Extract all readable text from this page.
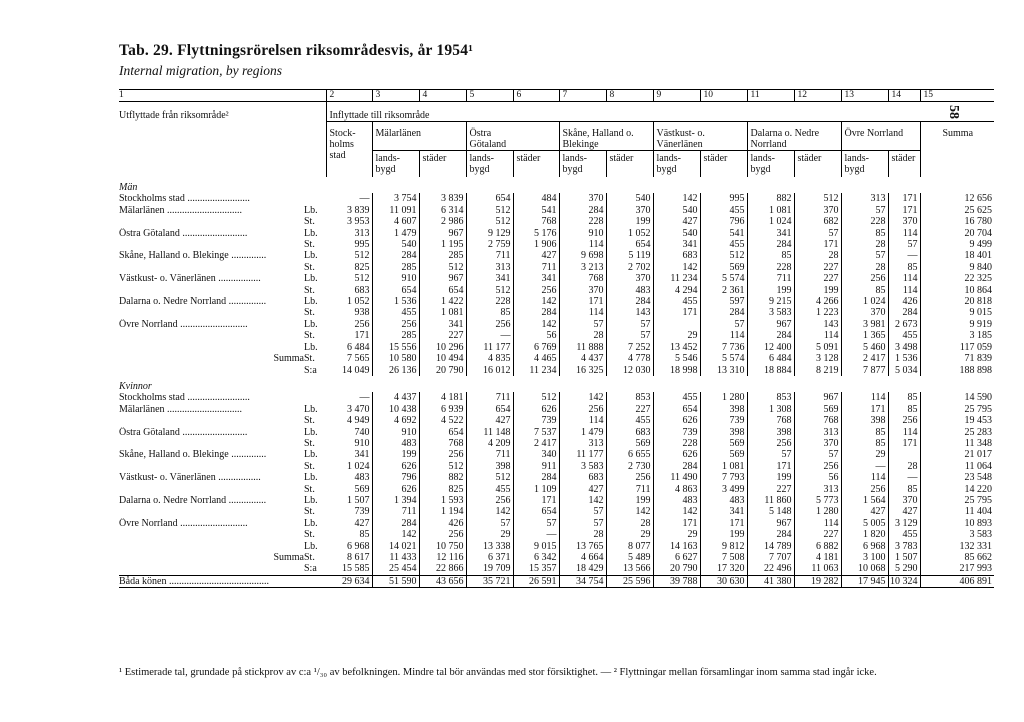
Tab. 29. Flyttningsrörelsen riksområdesvis, år 1954¹
Internal migration, by regions
58
1	2	3	4	5	6	7	8	9	10	11	12	13	14	15

Utflyttade från riksområde²	Inflyttade till riksområde													

	Stock-holms stad	Mälarlänen		Östra Götaland		Skåne, Halland o. Blekinge		Västkust- o. Vänerlänen		Dalarna o. Nedre Norrland		Övre Norrland		Summa

		lands-bygd	städer	lands-bygd	städer	lands-bygd	städer	lands-bygd	städer	lands-bygd	städer	lands-bygd	städer	
Män														
Stockholms stad .........................	—	3 754	3 839	654	484	370	540	142	995	882	512	313	171	12 656
Mälarlänen .............................. Lb.	3 839	11 091	6 314	512	541	284	370	540	455	1 081	370	57	171	25 625

St.	3 953	4 607	2 986	512	768	228	199	427	796	1 024	682	228	370	16 780
Östra Götaland .......................... Lb.	313	1 479	967	9 129	5 176	910	1 052	540	541	341	57	85	114	20 704

St.	995	540	1 195	2 759	1 906	114	654	341	455	284	171	28	57	9 499
Skåne, Halland o. Blekinge .............. Lb.	512	284	285	711	427	9 698	5 119	683	512	85	28	57	—	18 401

St.	825	285	512	313	711	3 213	2 702	142	569	228	227	28	85	9 840
Västkust- o. Vänerlänen ................. Lb.	512	910	967	341	341	768	370	11 234	5 574	711	227	256	114	22 325

St.	683	654	654	512	256	370	483	4 294	2 361	199	199	85	114	10 864
Dalarna o. Nedre Norrland ............... Lb.	1 052	1 536	1 422	228	142	171	284	455	597	9 215	4 266	1 024	426	20 818

St.	938	455	1 081	85	284	114	143	171	284	3 583	1 223	370	284	9 015
Övre Norrland ........................... Lb.	256	256	341	256	142	57	57		57	967	143	3 981	2 673	9 919

St.	171	285	227	—	56	28	57	29	114	284	114	1 365	455	3 185

Lb.	6 484	15 556	10 296	11 177	6 769	11 888	7 252	13 452	7 736	12 400	5 091	5 460	3 498	117 059
Summa St.	7 565	10 580	10 494	4 835	4 465	4 437	4 778	5 546	5 574	6 484	3 128	2 417	1 536	71 839

S:a	14 049	26 136	20 790	16 012	11 234	16 325	12 030	18 998	13 310	18 884	8 219	7 877	5 034	188 898
Kvinnor														
Stockholms stad .........................	—	4 437	4 181	711	512	142	853	455	1 280	853	967	114	85	14 590
Mälarlänen .............................. Lb.	3 470	10 438	6 939	654	626	256	227	654	398	1 308	569	171	85	25 795

St.	4 949	4 692	4 522	427	739	114	455	626	739	768	768	398	256	19 453
Östra Götaland .......................... Lb.	740	910	654	11 148	7 537	1 479	683	739	398	398	313	85	114	25 283

St.	910	483	768	4 209	2 417	313	569	228	569	256	370	85	171	11 348
Skåne, Halland o. Blekinge .............. Lb.	341	199	256	711	340	11 177	6 655	626	569	57	57	29		21 017

St.	1 024	626	512	398	911	3 583	2 730	284	1 081	171	256	—	28	11 064
Västkust- o. Vänerlänen ................. Lb.	483	796	882	512	284	683	256	11 490	7 793	199	56	114	—	23 548

St.	569	626	825	455	1 109	427	711	4 863	3 499	227	313	256	85	14 220
Dalarna o. Nedre Norrland ............... Lb.	1 507	1 394	1 593	256	171	142	199	483	483	11 860	5 773	1 564	370	25 795

St.	739	711	1 194	142	654	57	142	142	341	5 148	1 280	427	427	11 404
Övre Norrland ........................... Lb.	427	284	426	57	57	57	28	171	171	967	114	5 005	3 129	10 893

St.	85	142	256	29	—	28	29	29	199	284	227	1 820	455	3 583

Lb.	6 968	14 021	10 750	13 338	9 015	13 765	8 077	14 163	9 812	14 789	6 882	6 968	3 783	132 331
Summa St.	8 617	11 433	12 116	6 371	6 342	4 664	5 489	6 627	7 508	7 707	4 181	3 100	1 507	85 662

S:a	15 585	25 454	22 866	19 709	15 357	18 429	13 566	20 790	17 320	22 496	11 063	10 068	5 290	217 993
Båda könen ........................................	29 634	51 590	43 656	35 721	26 591	34 754	25 596	39 788	30 630	41 380	19 282	17 945	10 324	406 891
¹ Estimerade tal, grundade på stickprov av c:a ¹/₃₀ av befolkningen. Mindre tal bör användas med stor försiktighet. — ² Flyttningar mellan församlingar inom samma stad ingår icke.
